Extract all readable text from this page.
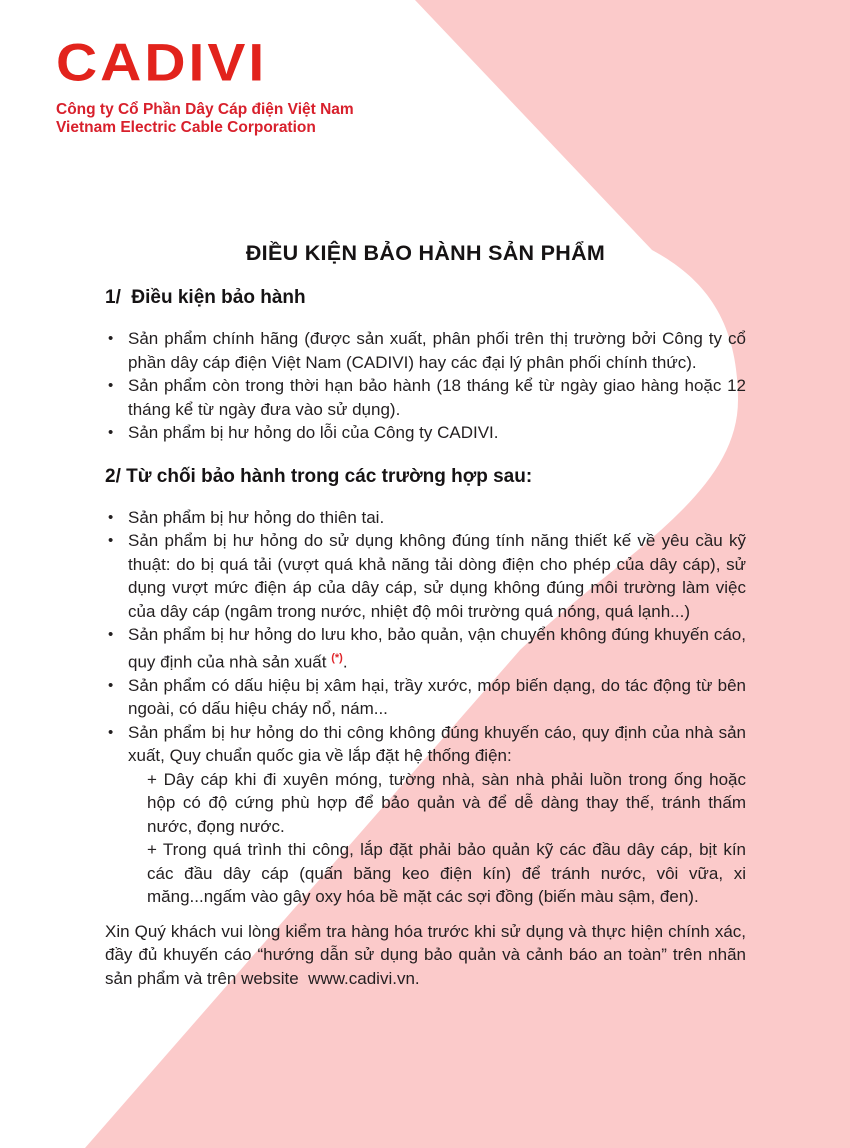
CADIVI
Công ty Cổ Phần Dây Cáp điện Việt Nam
Vietnam Electric Cable Corporation
ĐIỀU KIỆN BẢO HÀNH SẢN PHẨM
1/  Điều kiện bảo hành
• Sản phẩm chính hãng (được sản xuất, phân phối trên thị trường bởi Công ty cổ phần dây cáp điện Việt Nam (CADIVI) hay các đại lý phân phối chính thức).
• Sản phẩm còn trong thời hạn bảo hành (18 tháng kể từ ngày giao hàng hoặc 12 tháng kể từ ngày đưa vào sử dụng).
• Sản phẩm bị hư hỏng do lỗi của Công ty CADIVI.
2/ Từ chối bảo hành trong các trường hợp sau:
• Sản phẩm bị hư hỏng do thiên tai.
• Sản phẩm bị hư hỏng do sử dụng không đúng tính năng thiết kế về yêu cầu kỹ thuật: do bị quá tải (vượt quá khả năng tải dòng điện cho phép của dây cáp), sử dụng vượt mức điện áp của dây cáp, sử dụng không đúng môi trường làm việc của dây cáp (ngâm trong nước, nhiệt độ môi trường quá nóng, quá lạnh...)
• Sản phẩm bị hư hỏng do lưu kho, bảo quản, vận chuyển không đúng khuyến cáo, quy định của nhà sản xuất (*).
• Sản phẩm có dấu hiệu bị xâm hại, trầy xước, móp biến dạng, do tác động từ bên ngoài, có dấu hiệu cháy nổ, nám...
• Sản phẩm bị hư hỏng do thi công không đúng khuyến cáo, quy định của nhà sản xuất, Quy chuẩn quốc gia về lắp đặt hệ thống điện:
+ Dây cáp khi đi xuyên móng, tường nhà, sàn nhà phải luồn trong ống hoặc hộp có độ cứng phù hợp để bảo quản và để dễ dàng thay thế, tránh thấm nước, đọng nước.
+ Trong quá trình thi công, lắp đặt phải bảo quản kỹ các đầu dây cáp, bịt kín các đầu dây cáp (quấn băng keo điện kín) để tránh nước, vôi vữa, xi măng...ngấm vào gây oxy hóa bề mặt các sợi đồng (biến màu sậm, đen).

Xin Quý khách vui lòng kiểm tra hàng hóa trước khi sử dụng và thực hiện chính xác, đầy đủ khuyến cáo “hướng dẫn sử dụng bảo quản và cảnh báo an toàn” trên nhãn sản phẩm và trên website  www.cadivi.vn.
